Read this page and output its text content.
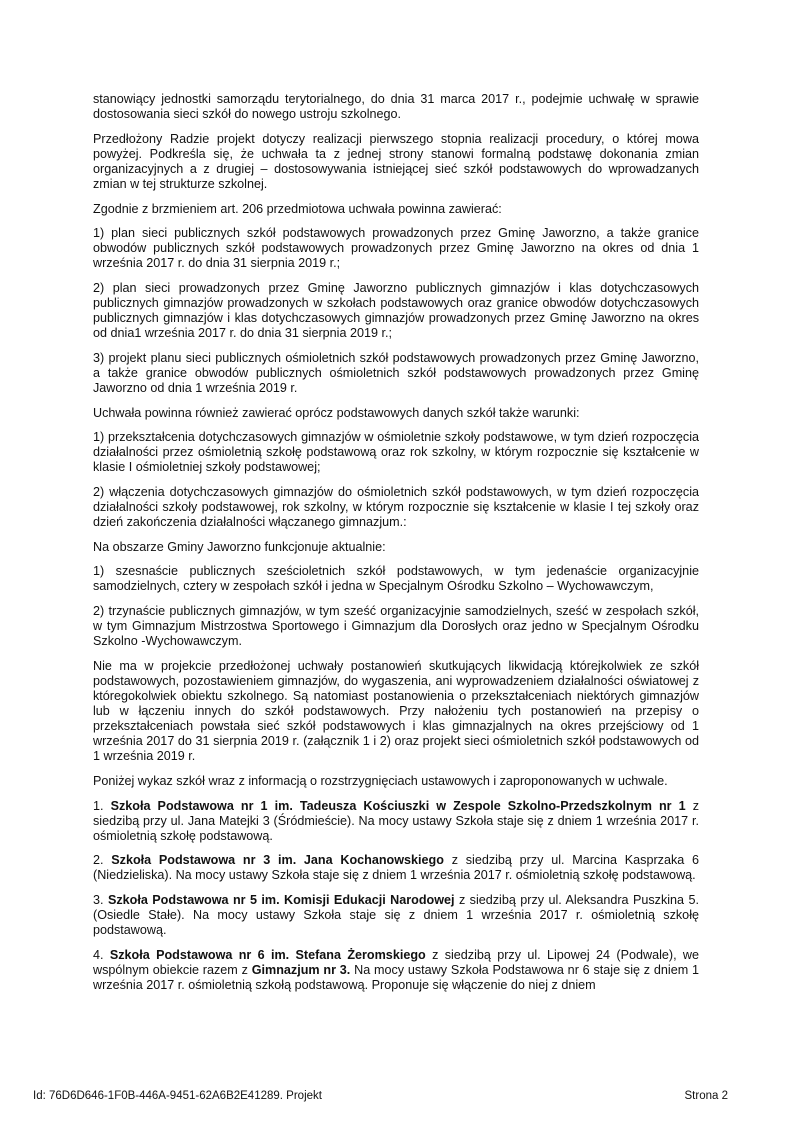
stanowiący jednostki samorządu terytorialnego, do dnia 31 marca 2017 r., podejmie uchwałę w sprawie dostosowania sieci szkół do nowego ustroju szkolnego.

Przedłożony Radzie projekt dotyczy realizacji pierwszego stopnia realizacji procedury, o której mowa powyżej. Podkreśla się, że uchwała ta z jednej strony stanowi formalną podstawę dokonania zmian organizacyjnych a z drugiej – dostosowywania istniejącej sieć szkół podstawowych do wprowadzanych zmian w tej strukturze szkolnej.

Zgodnie z brzmieniem art. 206 przedmiotowa uchwała powinna zawierać:

1) plan sieci publicznych szkół podstawowych prowadzonych przez Gminę Jaworzno, a także granice obwodów publicznych szkół podstawowych prowadzonych przez Gminę Jaworzno na okres od dnia 1 września 2017 r. do dnia 31 sierpnia 2019 r.;

2) plan sieci prowadzonych przez Gminę Jaworzno publicznych gimnazjów i klas dotychczasowych publicznych gimnazjów prowadzonych w szkołach podstawowych oraz granice obwodów dotychczasowych publicznych gimnazjów i klas dotychczasowych gimnazjów prowadzonych przez Gminę Jaworzno na okres od dnia1 września 2017 r. do dnia 31 sierpnia 2019 r.;

3) projekt planu sieci publicznych ośmioletnich szkół podstawowych prowadzonych przez Gminę Jaworzno, a także granice obwodów publicznych ośmioletnich szkół podstawowych prowadzonych przez Gminę Jaworzno od dnia 1 września 2019 r.

Uchwała powinna również zawierać oprócz podstawowych danych szkół także warunki:

1) przekształcenia dotychczasowych gimnazjów w ośmioletnie szkoły podstawowe, w tym dzień rozpoczęcia działalności przez ośmioletnią szkołę podstawową oraz rok szkolny, w którym rozpocznie się kształcenie w klasie I ośmioletniej szkoły podstawowej;

2) włączenia dotychczasowych gimnazjów do ośmioletnich szkół podstawowych, w tym dzień rozpoczęcia działalności szkoły podstawowej, rok szkolny, w którym rozpocznie się kształcenie w klasie I tej szkoły oraz dzień zakończenia działalności włączanego gimnazjum.:

Na obszarze Gminy Jaworzno funkcjonuje aktualnie:

1) szesnaście publicznych sześcioletnich szkół podstawowych, w tym jedenaście organizacyjnie samodzielnych, cztery w zespołach szkół i jedna w Specjalnym Ośrodku Szkolno – Wychowawczym,

2) trzynaście publicznych gimnazjów, w tym sześć organizacyjnie samodzielnych, sześć w zespołach szkół, w tym Gimnazjum Mistrzostwa Sportowego i Gimnazjum dla Dorosłych oraz jedno w Specjalnym Ośrodku Szkolno -Wychowawczym.

Nie ma w projekcie przedłożonej uchwały postanowień skutkujących likwidacją którejkolwiek ze szkół podstawowych, pozostawieniem gimnazjów, do wygaszenia, ani wyprowadzeniem działalności oświatowej z któregokolwiek obiektu szkolnego. Są natomiast postanowienia o przekształceniach niektórych gimnazjów lub w łączeniu innych do szkół podstawowych. Przy nałożeniu tych postanowień na przepisy o przekształceniach powstała sieć szkół podstawowych i klas gimnazjalnych na okres przejściowy od 1 września 2017 do 31 sierpnia 2019 r. (załącznik 1 i 2) oraz projekt sieci ośmioletnich szkół podstawowych od 1 września 2019 r.

Poniżej wykaz szkół wraz z informacją o rozstrzygnięciach ustawowych i zaproponowanych w uchwale.

1. Szkoła Podstawowa nr 1 im. Tadeusza Kościuszki w Zespole Szkolno-Przedszkolnym nr 1 z siedzibą przy ul. Jana Matejki 3 (Śródmieście). Na mocy ustawy Szkoła staje się z dniem 1 września 2017 r. ośmioletnią szkołę podstawową.

2. Szkoła Podstawowa nr 3 im. Jana Kochanowskiego z siedzibą przy ul. Marcina Kasprzaka 6 (Niedzieliska). Na mocy ustawy Szkoła staje się z dniem 1 września 2017 r. ośmioletnią szkołę podstawową.

3. Szkoła Podstawowa nr 5 im. Komisji Edukacji Narodowej z siedzibą przy ul. Aleksandra Puszkina 5. (Osiedle Stałe). Na mocy ustawy Szkoła staje się z dniem 1 września 2017 r. ośmioletnią szkołę podstawową.

4. Szkoła Podstawowa nr 6 im. Stefana Żeromskiego z siedzibą przy ul. Lipowej 24 (Podwale), we wspólnym obiekcie razem z Gimnazjum nr 3. Na mocy ustawy Szkoła Podstawowa nr 6 staje się z dniem 1 września 2017 r. ośmioletnią szkołą podstawową. Proponuje się włączenie do niej z dniem

Id: 76D6D646-1F0B-446A-9451-62A6B2E41289. Projekt	Strona 2
